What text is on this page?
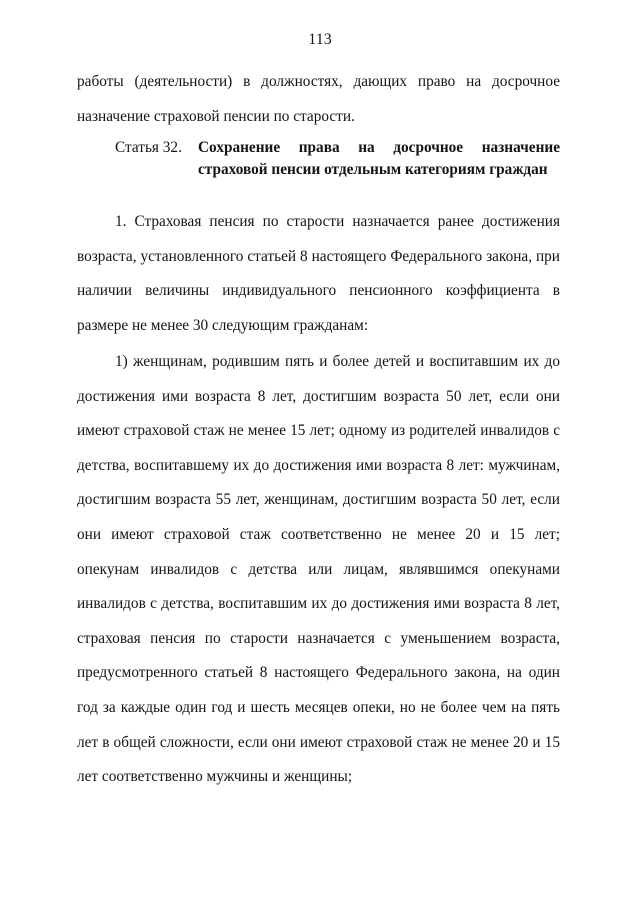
113
работы (деятельности) в должностях, дающих право на досрочное назначение страховой пенсии по старости.
Статья 32. Сохранение права на досрочное назначение страховой пенсии отдельным категориям граждан
1. Страховая пенсия по старости назначается ранее достижения возраста, установленного статьей 8 настоящего Федерального закона, при наличии величины индивидуального пенсионного коэффициента в размере не менее 30 следующим гражданам:
1) женщинам, родившим пять и более детей и воспитавшим их до достижения ими возраста 8 лет, достигшим возраста 50 лет, если они имеют страховой стаж не менее 15 лет; одному из родителей инвалидов с детства, воспитавшему их до достижения ими возраста 8 лет: мужчинам, достигшим возраста 55 лет, женщинам, достигшим возраста 50 лет, если они имеют страховой стаж соответственно не менее 20 и 15 лет; опекунам инвалидов с детства или лицам, являвшимся опекунами инвалидов с детства, воспитавшим их до достижения ими возраста 8 лет, страховая пенсия по старости назначается с уменьшением возраста, предусмотренного статьей 8 настоящего Федерального закона, на один год за каждые один год и шесть месяцев опеки, но не более чем на пять лет в общей сложности, если они имеют страховой стаж не менее 20 и 15 лет соответственно мужчины и женщины;
